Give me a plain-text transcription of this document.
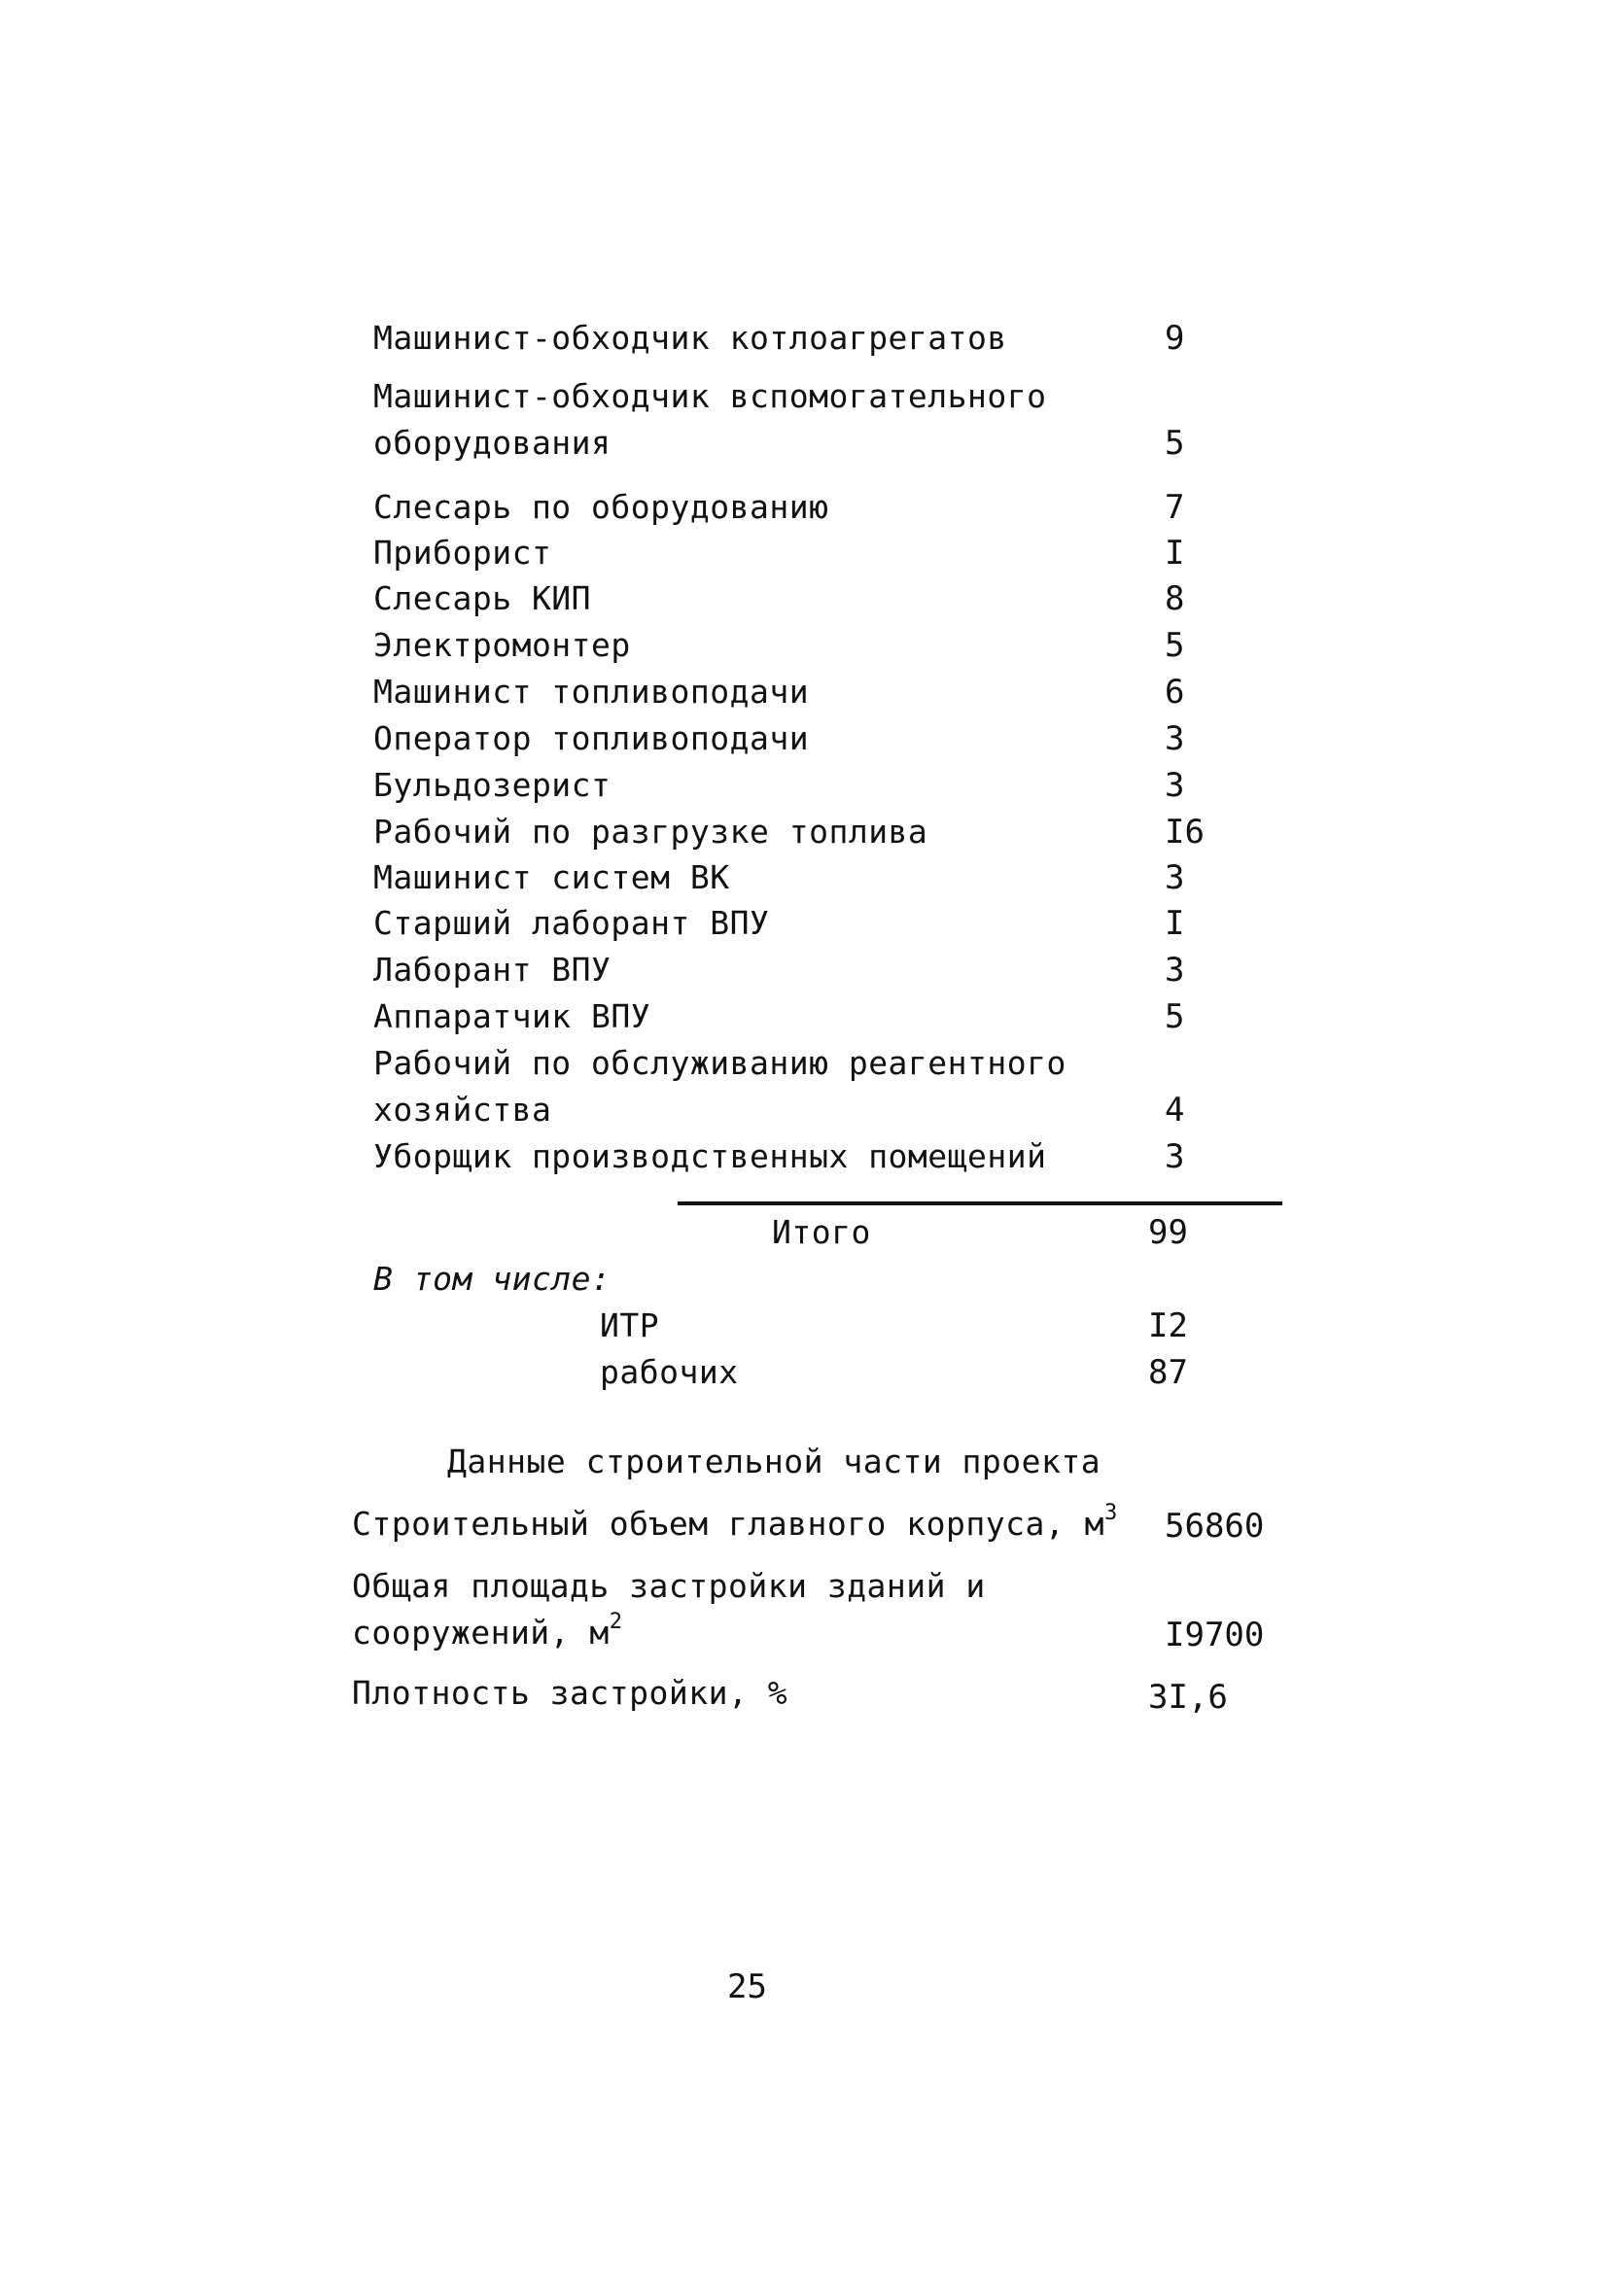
Машинист-обходчик котлоагрегатов	9
Машинист-обходчик вспомогательного
оборудования	5
Слесарь по оборудованию	7
Приборист	I
Слесарь КИП	8
Электромонтер	5
Машинист топливоподачи	6
Оператор топливоподачи	3
Бульдозерист	3
Рабочий по разгрузке топлива	I6
Машинист систем ВК	3
Старший лаборант ВПУ	I
Лаборант ВПУ	3
Аппаратчик ВПУ	5
Рабочий по обслуживанию реагентного
хозяйства	4
Уборщик производственных помещений	3
Итого	99
В том числе:
ИТР	I2
рабочих	87
Данные строительной части проекта
Строительный объем главного корпуса, $м^3$ 56860
Общая площадь застройки зданий и
сооружений, $м^2$	I9700
Плотность застройки, %	3I,6
25
